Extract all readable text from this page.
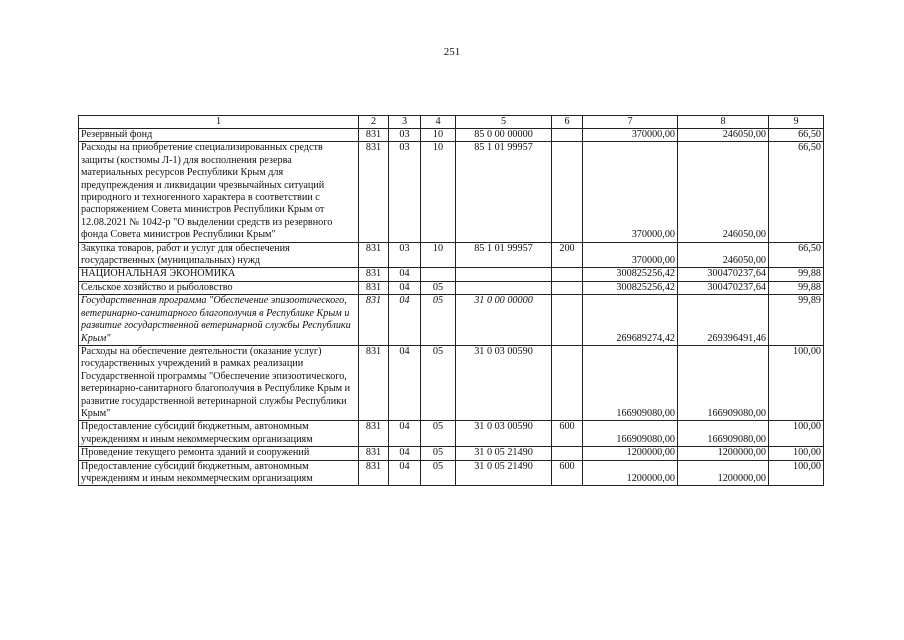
251
1	2	3	4	5	6	7	8	9
Резервный фонд	831	03	10	85 0 00 00000		370000,00	246050,00	66,50
Расходы на приобретение специализированных средств защиты (костюмы Л-1) для восполнения резерва материальных ресурсов Республики Крым для предупреждения и ликвидации чрезвычайных ситуаций природного и техногенного характера в соответствии с распоряжением Совета министров Республики Крым от 12.08.2021 № 1042-р "О выделении средств из резервного фонда Совета министров Республики Крым"	831	03	10	85 1 01 99957		370000,00	246050,00	66,50
Закупка товаров, работ и услуг для обеспечения государственных (муниципальных) нужд	831	03	10	85 1 01 99957	200	370000,00	246050,00	66,50
НАЦИОНАЛЬНАЯ ЭКОНОМИКА	831	04				300825256,42	300470237,64	99,88
Сельское хозяйство и рыболовство	831	04	05			300825256,42	300470237,64	99,88
Государственная программа "Обеспечение эпизоотического, ветеринарно-санитарного благополучия в Республике Крым и развитие государственной ветеринарной службы Республики Крым"	831	04	05	31 0 00 00000		269689274,42	269396491,46	99,89
Расходы на обеспечение деятельности (оказание услуг) государственных учреждений в рамках реализации Государственной программы "Обеспечение эпизоотического, ветеринарно-санитарного благополучия в Республике Крым и развитие государственной ветеринарной службы Республики Крым"	831	04	05	31 0 03 00590		166909080,00	166909080,00	100,00
Предоставление субсидий бюджетным, автономным учреждениям и иным некоммерческим организациям	831	04	05	31 0 03 00590	600	166909080,00	166909080,00	100,00
Проведение текущего ремонта зданий и сооружений	831	04	05	31 0 05 21490		1200000,00	1200000,00	100,00
Предоставление субсидий бюджетным, автономным учреждениям и иным некоммерческим организациям	831	04	05	31 0 05 21490	600	1200000,00	1200000,00	100,00
